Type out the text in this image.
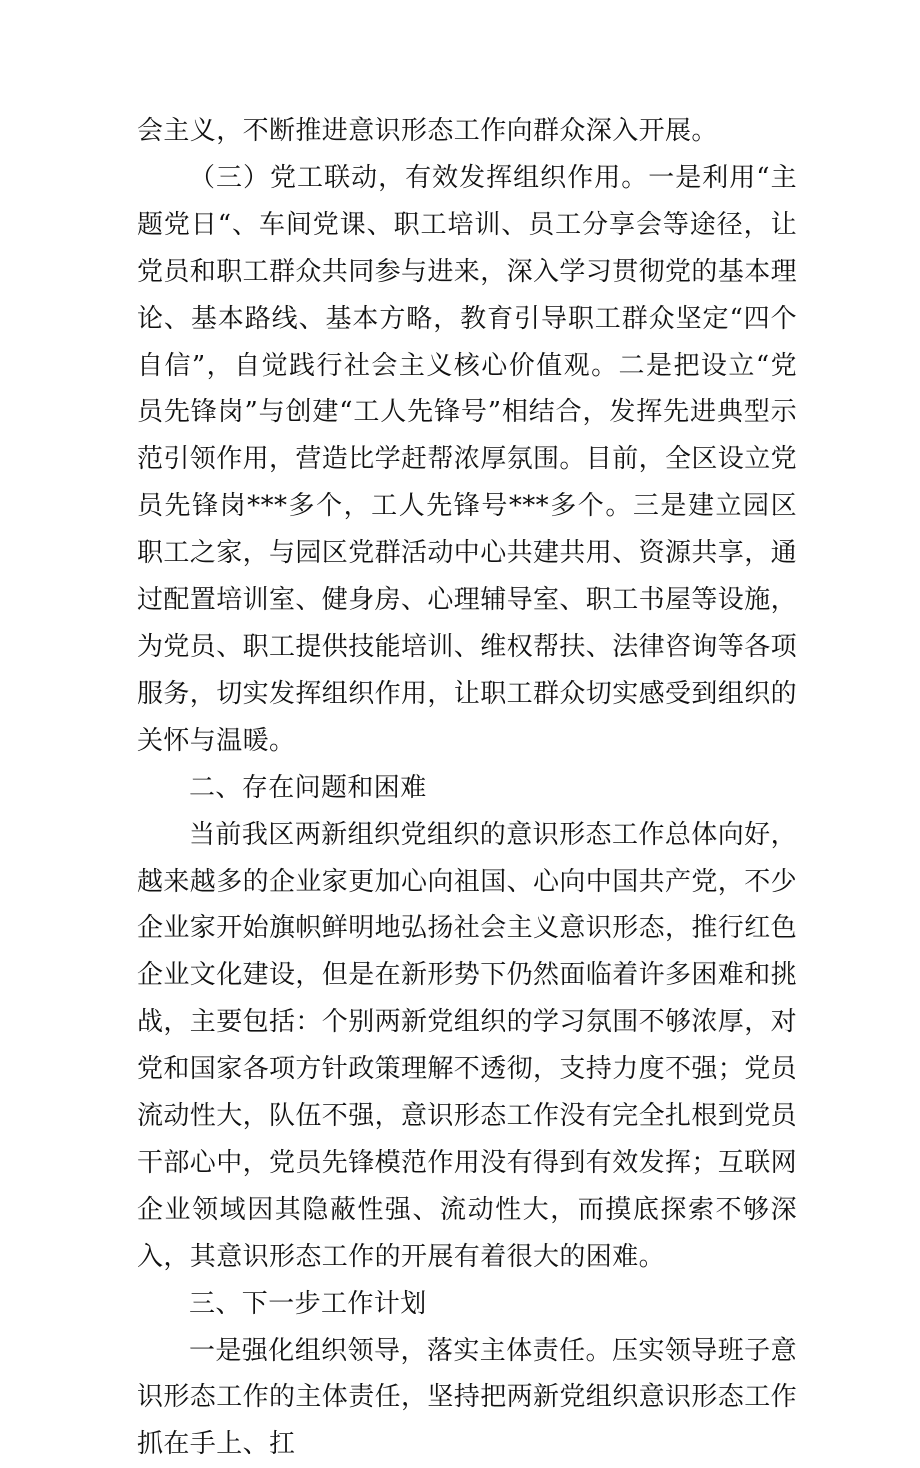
会主义，不断推进意识形态工作向群众深入开展。

（三）党工联动，有效发挥组织作用。一是利用“主题党日“、车间党课、职工培训、员工分享会等途径，让党员和职工群众共同参与进来，深入学习贯彻党的基本理论、基本路线、基本方略，教育引导职工群众坚定“四个自信”，自觉践行社会主义核心价值观。二是把设立“党员先锋岗”与创建“工人先锋号”相结合，发挥先进典型示范引领作用，营造比学赶帮浓厚氛围。目前，全区设立党员先锋岗***多个，工人先锋号***多个。三是建立园区职工之家，与园区党群活动中心共建共用、资源共享，通过配置培训室、健身房、心理辅导室、职工书屋等设施，为党员、职工提供技能培训、维权帮扶、法律咨询等各项服务，切实发挥组织作用，让职工群众切实感受到组织的关怀与温暖。

二、存在问题和困难

当前我区两新组织党组织的意识形态工作总体向好，越来越多的企业家更加心向祖国、心向中国共产党，不少企业家开始旗帜鲜明地弘扬社会主义意识形态，推行红色企业文化建设，但是在新形势下仍然面临着许多困难和挑战，主要包括：个别两新党组织的学习氛围不够浓厚，对党和国家各项方针政策理解不透彻，支持力度不强；党员流动性大，队伍不强，意识形态工作没有完全扎根到党员干部心中，党员先锋模范作用没有得到有效发挥；互联网企业领域因其隐蔽性强、流动性大，而摸底探索不够深入，其意识形态工作的开展有着很大的困难。

三、下一步工作计划

一是强化组织领导，落实主体责任。压实领导班子意识形态工作的主体责任，坚持把两新党组织意识形态工作抓在手上、扛
